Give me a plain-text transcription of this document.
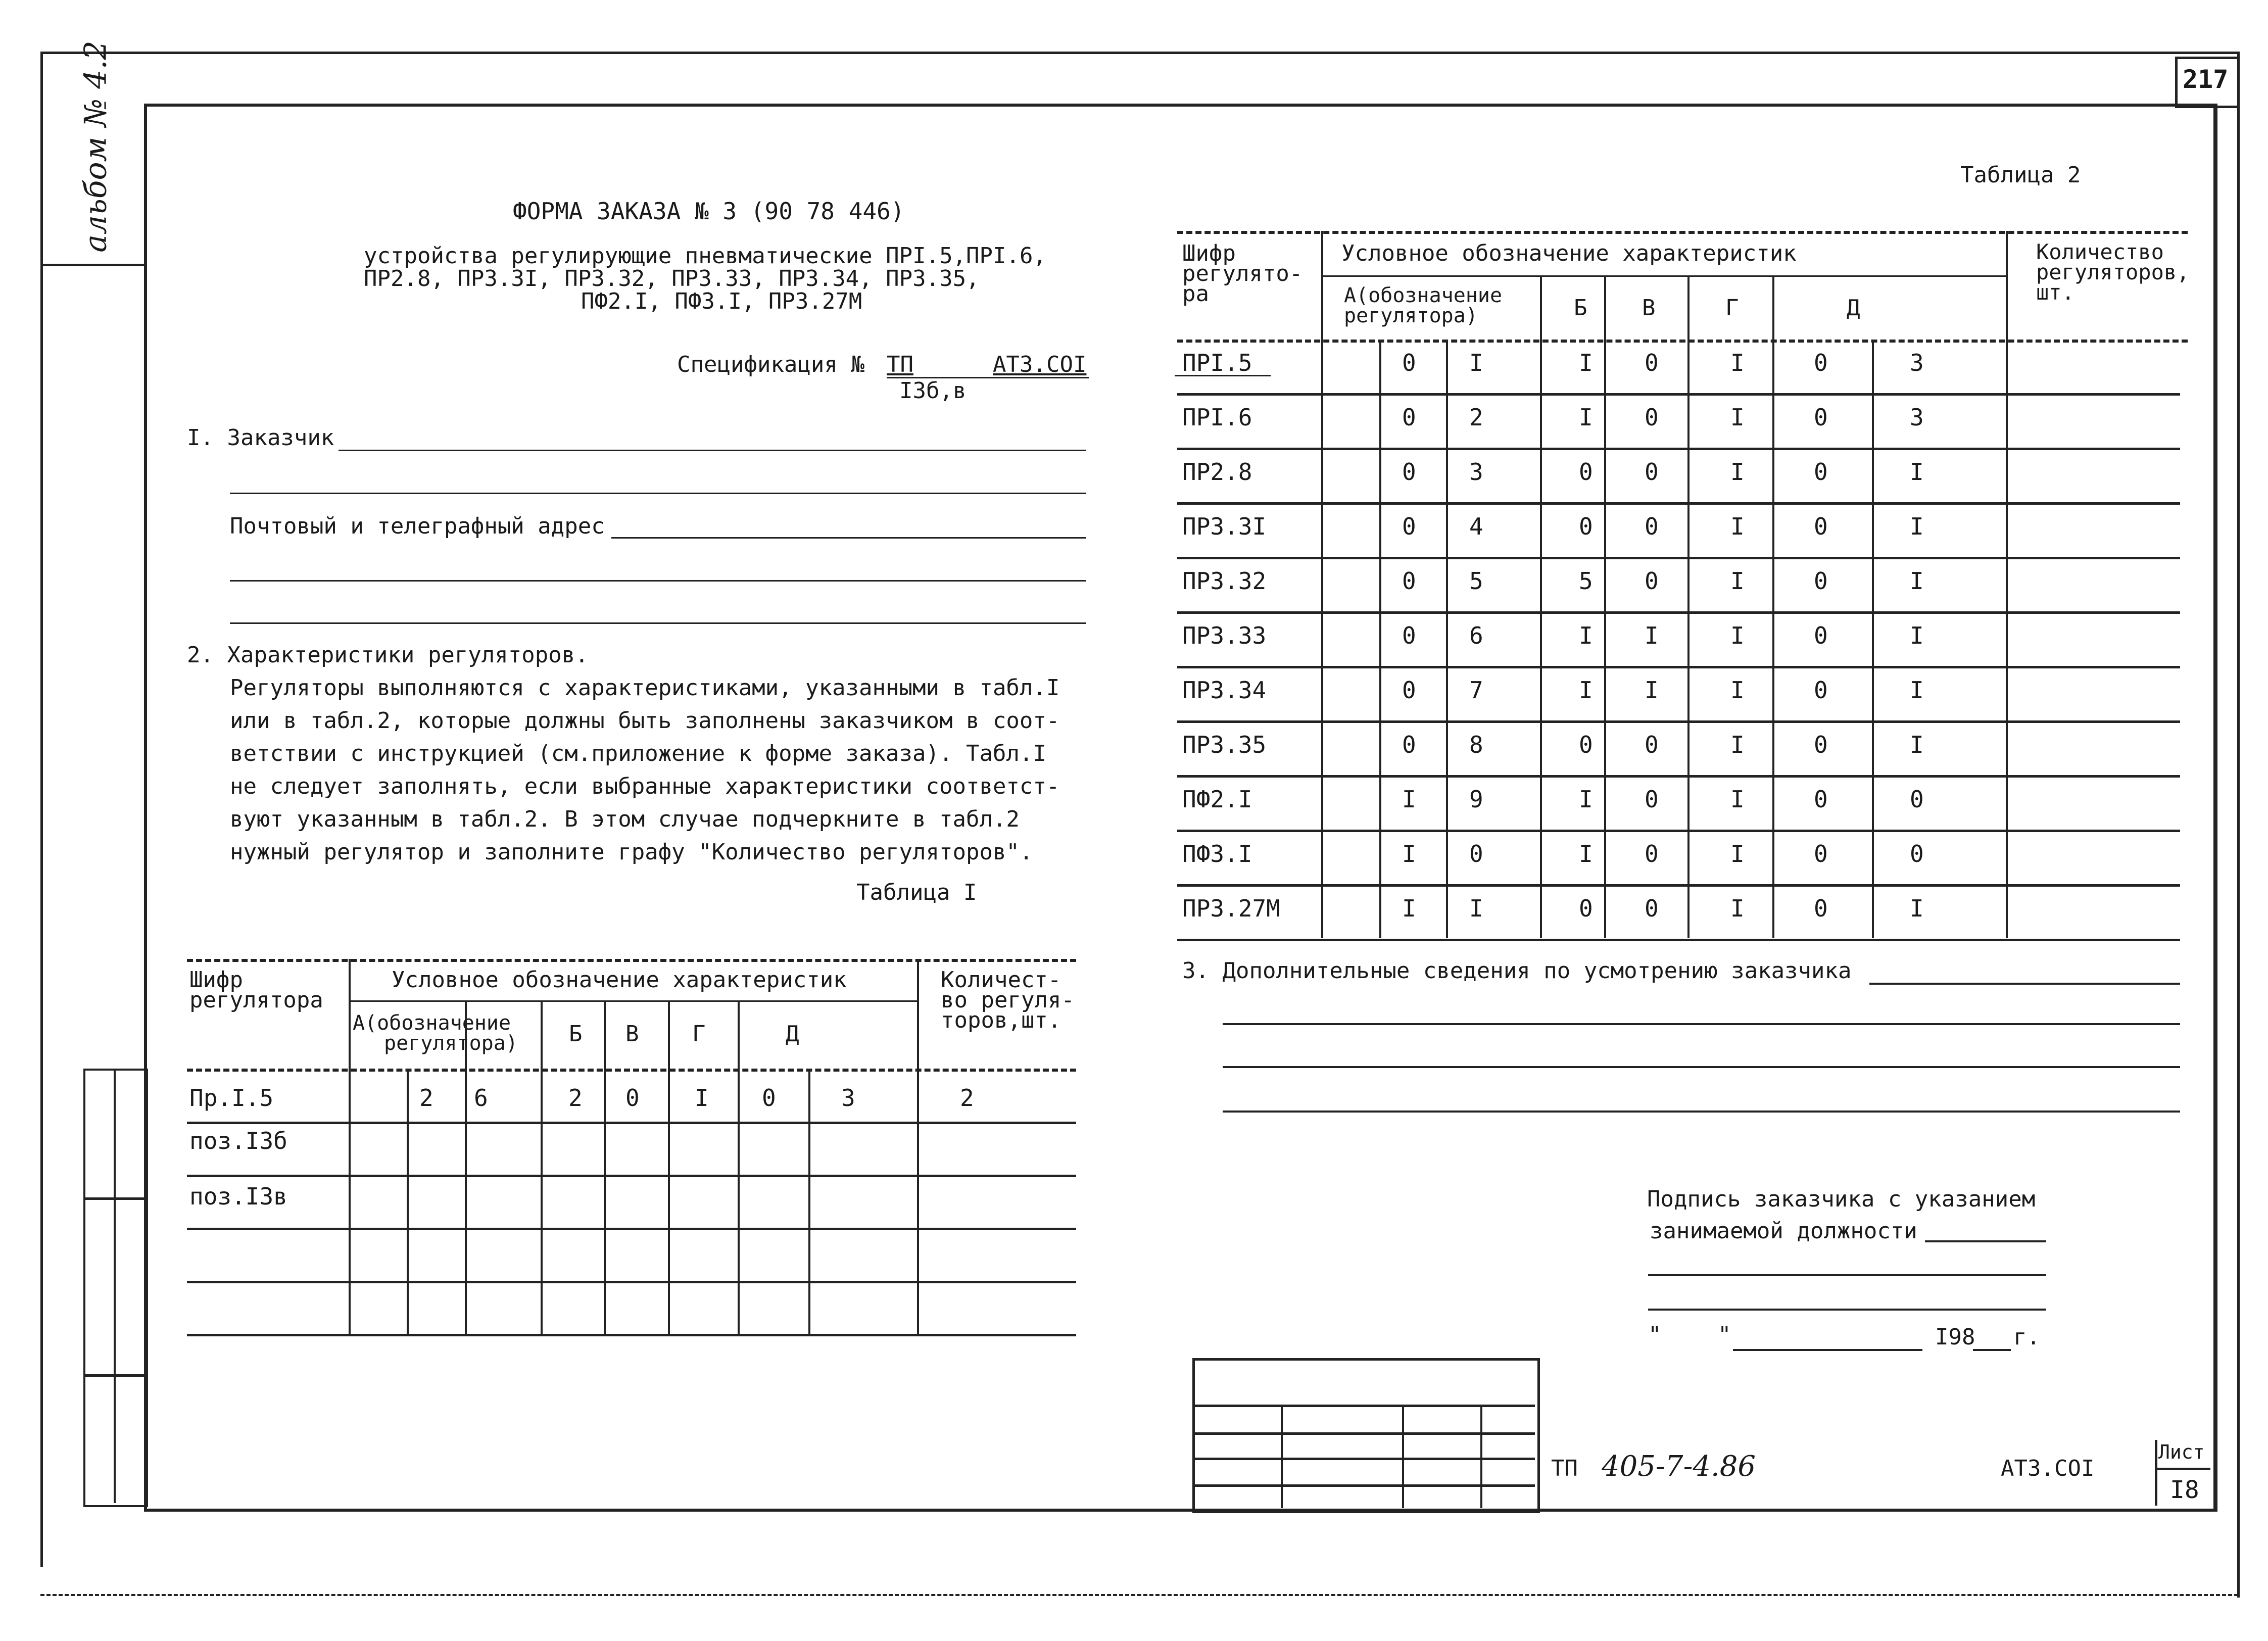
217
альбом № 4.2	ФОРМА ЗАКАЗА № 3 (90 78 446)
устройства регулирующие пневматические ПРI.5,ПРI.6,
ПР2.8, ПР3.3I, ПР3.32, ПР3.33, ПР3.34, ПР3.35,
ПФ2.I, ПФ3.I, ПР3.27М
Спецификация № ТП	АТ3.COI
I3б,в
I. Заказчик
Почтовый и телеграфный адрес
2. Характеристики регуляторов.
Регуляторы выполняются с характеристиками, указанными в табл.I
или в табл.2, которые должны быть заполнены заказчиком в соот-
ветствии с инструкцией (см.приложение к форме заказа). Табл.I
не следует заполнять, если выбранные характеристики соответст-
вуют указанным в табл.2. В этом случае подчеркните в табл.2
нужный регулятор и заполните графу "Количество регуляторов".
Таблица I
Шифр
регулятора
Условное обозначение характеристик
А(обозначение
регулятора) Б В Г	Д
Количест-
во регуля-
торов,шт.
Пр.I.5	2 6	2 0 I 0	3	2
поз.I3б
поз.I3в
Таблица 2
Шифр
регулято-
ра
Условное обозначение характеристик
А(обозначение
регулятора)	Б В	Г	Д
Количество
регуляторов,
шт.
ПРI.5	0 I	I 0	I	0	3
ПРI.6	0 2	I 0	I	0	3
ПР2.8	0 3	0 0	I	0	I
ПР3.3I	0 4	0 0	I	0	I
ПР3.32	0 5	5 0	I	0	I
ПР3.33	0 6	I I	I	0	I
ПР3.34	0 7	I I	I	0	I
ПР3.35	0 8	0 0	I	0	I
ПФ2.I	I 9	I 0	I	0	0
ПФ3.I	I 0	I 0	I	0	0
ПР3.27М	I I	0 0	I	0	I
3. Дополнительные сведения по усмотрению заказчика
Подпись заказчика с указанием
занимаемой должности
"	"	I98 г.
ТП 405-7-4.86	АТ3.COI
Лист
I8
